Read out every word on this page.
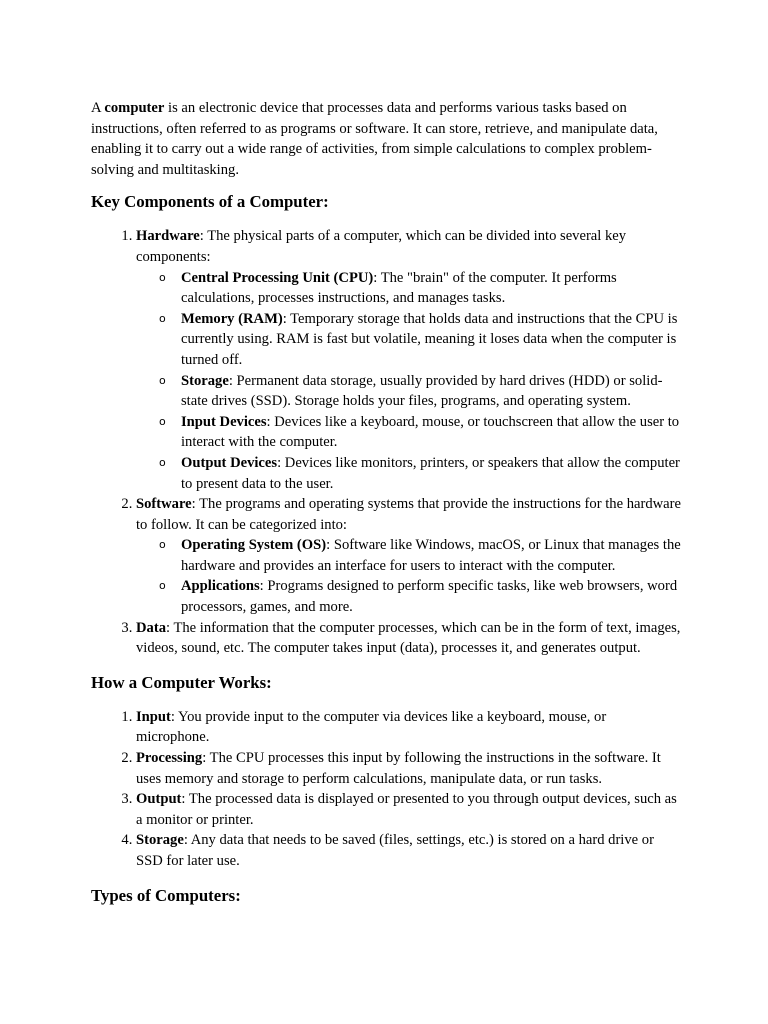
A computer is an electronic device that processes data and performs various tasks based on instructions, often referred to as programs or software. It can store, retrieve, and manipulate data, enabling it to carry out a wide range of activities, from simple calculations to complex problem-solving and multitasking.

Key Components of a Computer:
1. Hardware: The physical parts of a computer, which can be divided into several key components:
o Central Processing Unit (CPU): The "brain" of the computer. It performs calculations, processes instructions, and manages tasks.
o Memory (RAM): Temporary storage that holds data and instructions that the CPU is currently using. RAM is fast but volatile, meaning it loses data when the computer is turned off.
o Storage: Permanent data storage, usually provided by hard drives (HDD) or solid-state drives (SSD). Storage holds your files, programs, and operating system.
o Input Devices: Devices like a keyboard, mouse, or touchscreen that allow the user to interact with the computer.
o Output Devices: Devices like monitors, printers, or speakers that allow the computer to present data to the user.
2. Software: The programs and operating systems that provide the instructions for the hardware to follow. It can be categorized into:
o Operating System (OS): Software like Windows, macOS, or Linux that manages the hardware and provides an interface for users to interact with the computer.
o Applications: Programs designed to perform specific tasks, like web browsers, word processors, games, and more.
3. Data: The information that the computer processes, which can be in the form of text, images, videos, sound, etc. The computer takes input (data), processes it, and generates output.
How a Computer Works:
1. Input: You provide input to the computer via devices like a keyboard, mouse, or microphone.
2. Processing: The CPU processes this input by following the instructions in the software. It uses memory and storage to perform calculations, manipulate data, or run tasks.
3. Output: The processed data is displayed or presented to you through output devices, such as a monitor or printer.
4. Storage: Any data that needs to be saved (files, settings, etc.) is stored on a hard drive or SSD for later use.
Types of Computers:
